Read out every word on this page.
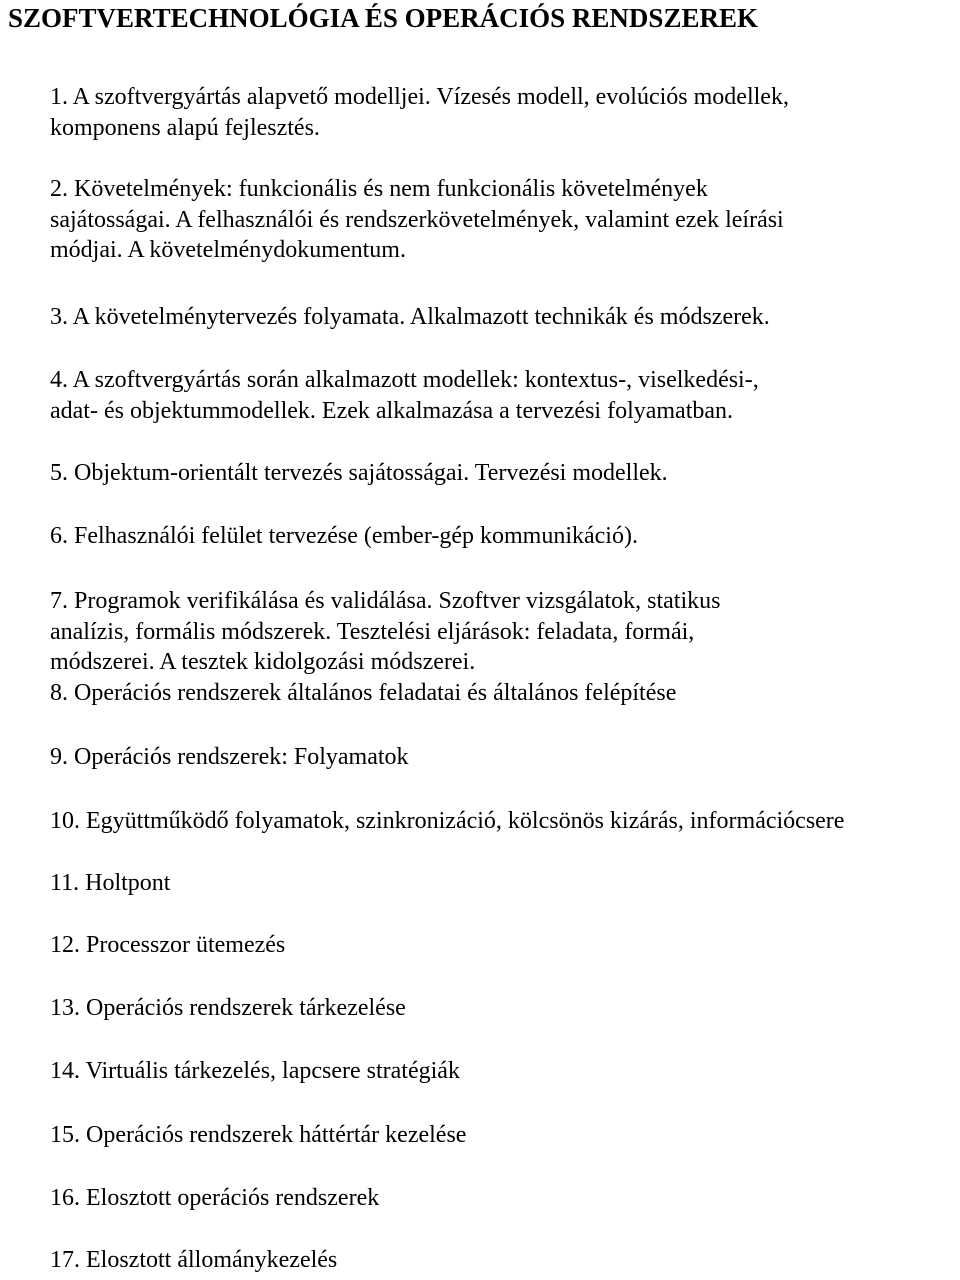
SZOFTVERTECHNOLÓGIA ÉS OPERÁCIÓS RENDSZEREK

1. A szoftvergyártás alapvető modelljei. Vízesés modell, evolúciós modellek,
komponens alapú fejlesztés.

2. Követelmények: funkcionális és nem funkcionális követelmények
sajátosságai. A felhasználói és rendszerkövetelmények, valamint ezek leírási
módjai. A követelménydokumentum.

3. A követelménytervezés folyamata. Alkalmazott technikák és módszerek.

4. A szoftvergyártás során alkalmazott modellek: kontextus-, viselkedési-,
adat- és objektummodellek. Ezek alkalmazása a tervezési folyamatban.

5. Objektum-orientált tervezés sajátosságai. Tervezési modellek.

6. Felhasználói felület tervezése (ember-gép kommunikáció).

7. Programok verifikálása és validálása. Szoftver vizsgálatok, statikus
analízis, formális módszerek. Tesztelési eljárások: feladata, formái,
módszerei. A tesztek kidolgozási módszerei.

8. Operációs rendszerek általános feladatai és általános felépítése

9. Operációs rendszerek: Folyamatok

10. Együttműködő folyamatok, szinkronizáció, kölcsönös kizárás, információcsere

11. Holtpont

12. Processzor ütemezés

13. Operációs rendszerek tárkezelése

14. Virtuális tárkezelés, lapcsere stratégiák

15. Operációs rendszerek háttértár kezelése

16. Elosztott operációs rendszerek

17. Elosztott állománykezelés
